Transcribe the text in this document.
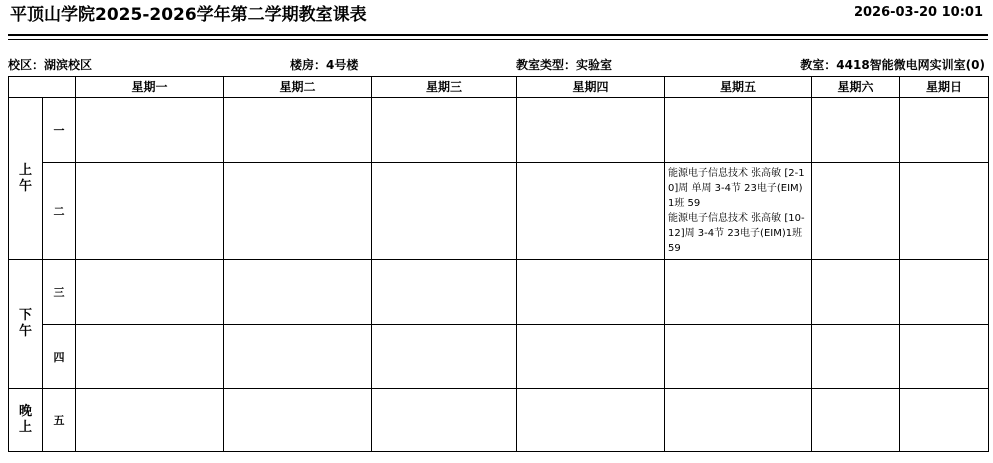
平顶山学院2025-2026学年第二学期教室课表	2026-03-20 10:01
校区：湖滨校区	楼房：4号楼	教室类型：实验室	教室：4418智能微电网实训室(0)
		星期一	星期二	星期三	星期四	星期五	星期六	星期日
上午	一							
	二					能源电子信息技术 张高敏 [2-10]周 单周 3-4节 23电子(EIM)1班 59
能源电子信息技术 张高敏 [10-12]周 3-4节 23电子(EIM)1班 59		

下午	三							
	四							
晚上	五							
